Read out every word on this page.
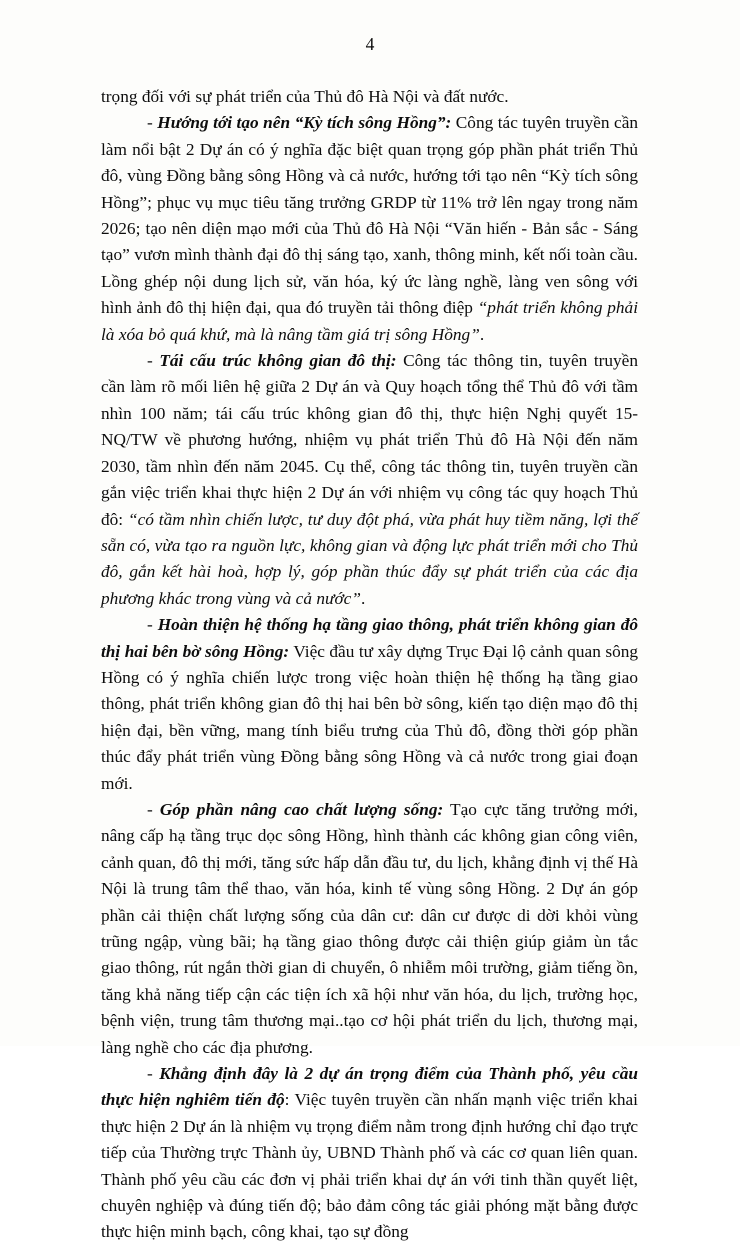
4

trọng đối với sự phát triển của Thủ đô Hà Nội và đất nước.

- Hướng tới tạo nên “Kỳ tích sông Hồng”: Công tác tuyên truyền cần làm nổi bật 2 Dự án có ý nghĩa đặc biệt quan trọng góp phần phát triển Thủ đô, vùng Đồng bằng sông Hồng và cả nước, hướng tới tạo nên “Kỳ tích sông Hồng”; phục vụ mục tiêu tăng trưởng GRDP từ 11% trở lên ngay trong năm 2026; tạo nên diện mạo mới của Thủ đô Hà Nội “Văn hiến - Bản sắc - Sáng tạo” vươn mình thành đại đô thị sáng tạo, xanh, thông minh, kết nối toàn cầu. Lồng ghép nội dung lịch sử, văn hóa, ký ức làng nghề, làng ven sông với hình ảnh đô thị hiện đại, qua đó truyền tải thông điệp “phát triển không phải là xóa bỏ quá khứ, mà là nâng tầm giá trị sông Hồng”.

- Tái cấu trúc không gian đô thị: Công tác thông tin, tuyên truyền cần làm rõ mối liên hệ giữa 2 Dự án và Quy hoạch tổng thể Thủ đô với tầm nhìn 100 năm; tái cấu trúc không gian đô thị, thực hiện Nghị quyết 15-NQ/TW về phương hướng, nhiệm vụ phát triển Thủ đô Hà Nội đến năm 2030, tầm nhìn đến năm 2045. Cụ thể, công tác thông tin, tuyên truyền cần gắn việc triển khai thực hiện 2 Dự án với nhiệm vụ công tác quy hoạch Thủ đô: “có tầm nhìn chiến lược, tư duy đột phá, vừa phát huy tiềm năng, lợi thế sẵn có, vừa tạo ra nguồn lực, không gian và động lực phát triển mới cho Thủ đô, gắn kết hài hoà, hợp lý, góp phần thúc đẩy sự phát triển của các địa phương khác trong vùng và cả nước”.

- Hoàn thiện hệ thống hạ tầng giao thông, phát triển không gian đô thị hai bên bờ sông Hồng: Việc đầu tư xây dựng Trục Đại lộ cảnh quan sông Hồng có ý nghĩa chiến lược trong việc hoàn thiện hệ thống hạ tầng giao thông, phát triển không gian đô thị hai bên bờ sông, kiến tạo diện mạo đô thị hiện đại, bền vững, mang tính biểu trưng của Thủ đô, đồng thời góp phần thúc đẩy phát triển vùng Đồng bằng sông Hồng và cả nước trong giai đoạn mới.

- Góp phần nâng cao chất lượng sống: Tạo cực tăng trưởng mới, nâng cấp hạ tầng trục dọc sông Hồng, hình thành các không gian công viên, cảnh quan, đô thị mới, tăng sức hấp dẫn đầu tư, du lịch, khẳng định vị thế Hà Nội là trung tâm thể thao, văn hóa, kinh tế vùng sông Hồng. 2 Dự án góp phần cải thiện chất lượng sống của dân cư: dân cư được di dời khỏi vùng trũng ngập, vùng bãi; hạ tầng giao thông được cải thiện giúp giảm ùn tắc giao thông, rút ngắn thời gian di chuyển, ô nhiễm môi trường, giảm tiếng ồn, tăng khả năng tiếp cận các tiện ích xã hội như văn hóa, du lịch, trường học, bệnh viện, trung tâm thương mại..tạo cơ hội phát triển du lịch, thương mại, làng nghề cho các địa phương.

- Khẳng định đây là 2 dự án trọng điểm của Thành phố, yêu cầu thực hiện nghiêm tiến độ: Việc tuyên truyền cần nhấn mạnh việc triển khai thực hiện 2 Dự án là nhiệm vụ trọng điểm nằm trong định hướng chỉ đạo trực tiếp của Thường trực Thành ủy, UBND Thành phố và các cơ quan liên quan. Thành phố yêu cầu các đơn vị phải triển khai dự án với tinh thần quyết liệt, chuyên nghiệp và đúng tiến độ; bảo đảm công tác giải phóng mặt bằng được thực hiện minh bạch, công khai, tạo sự đồng
